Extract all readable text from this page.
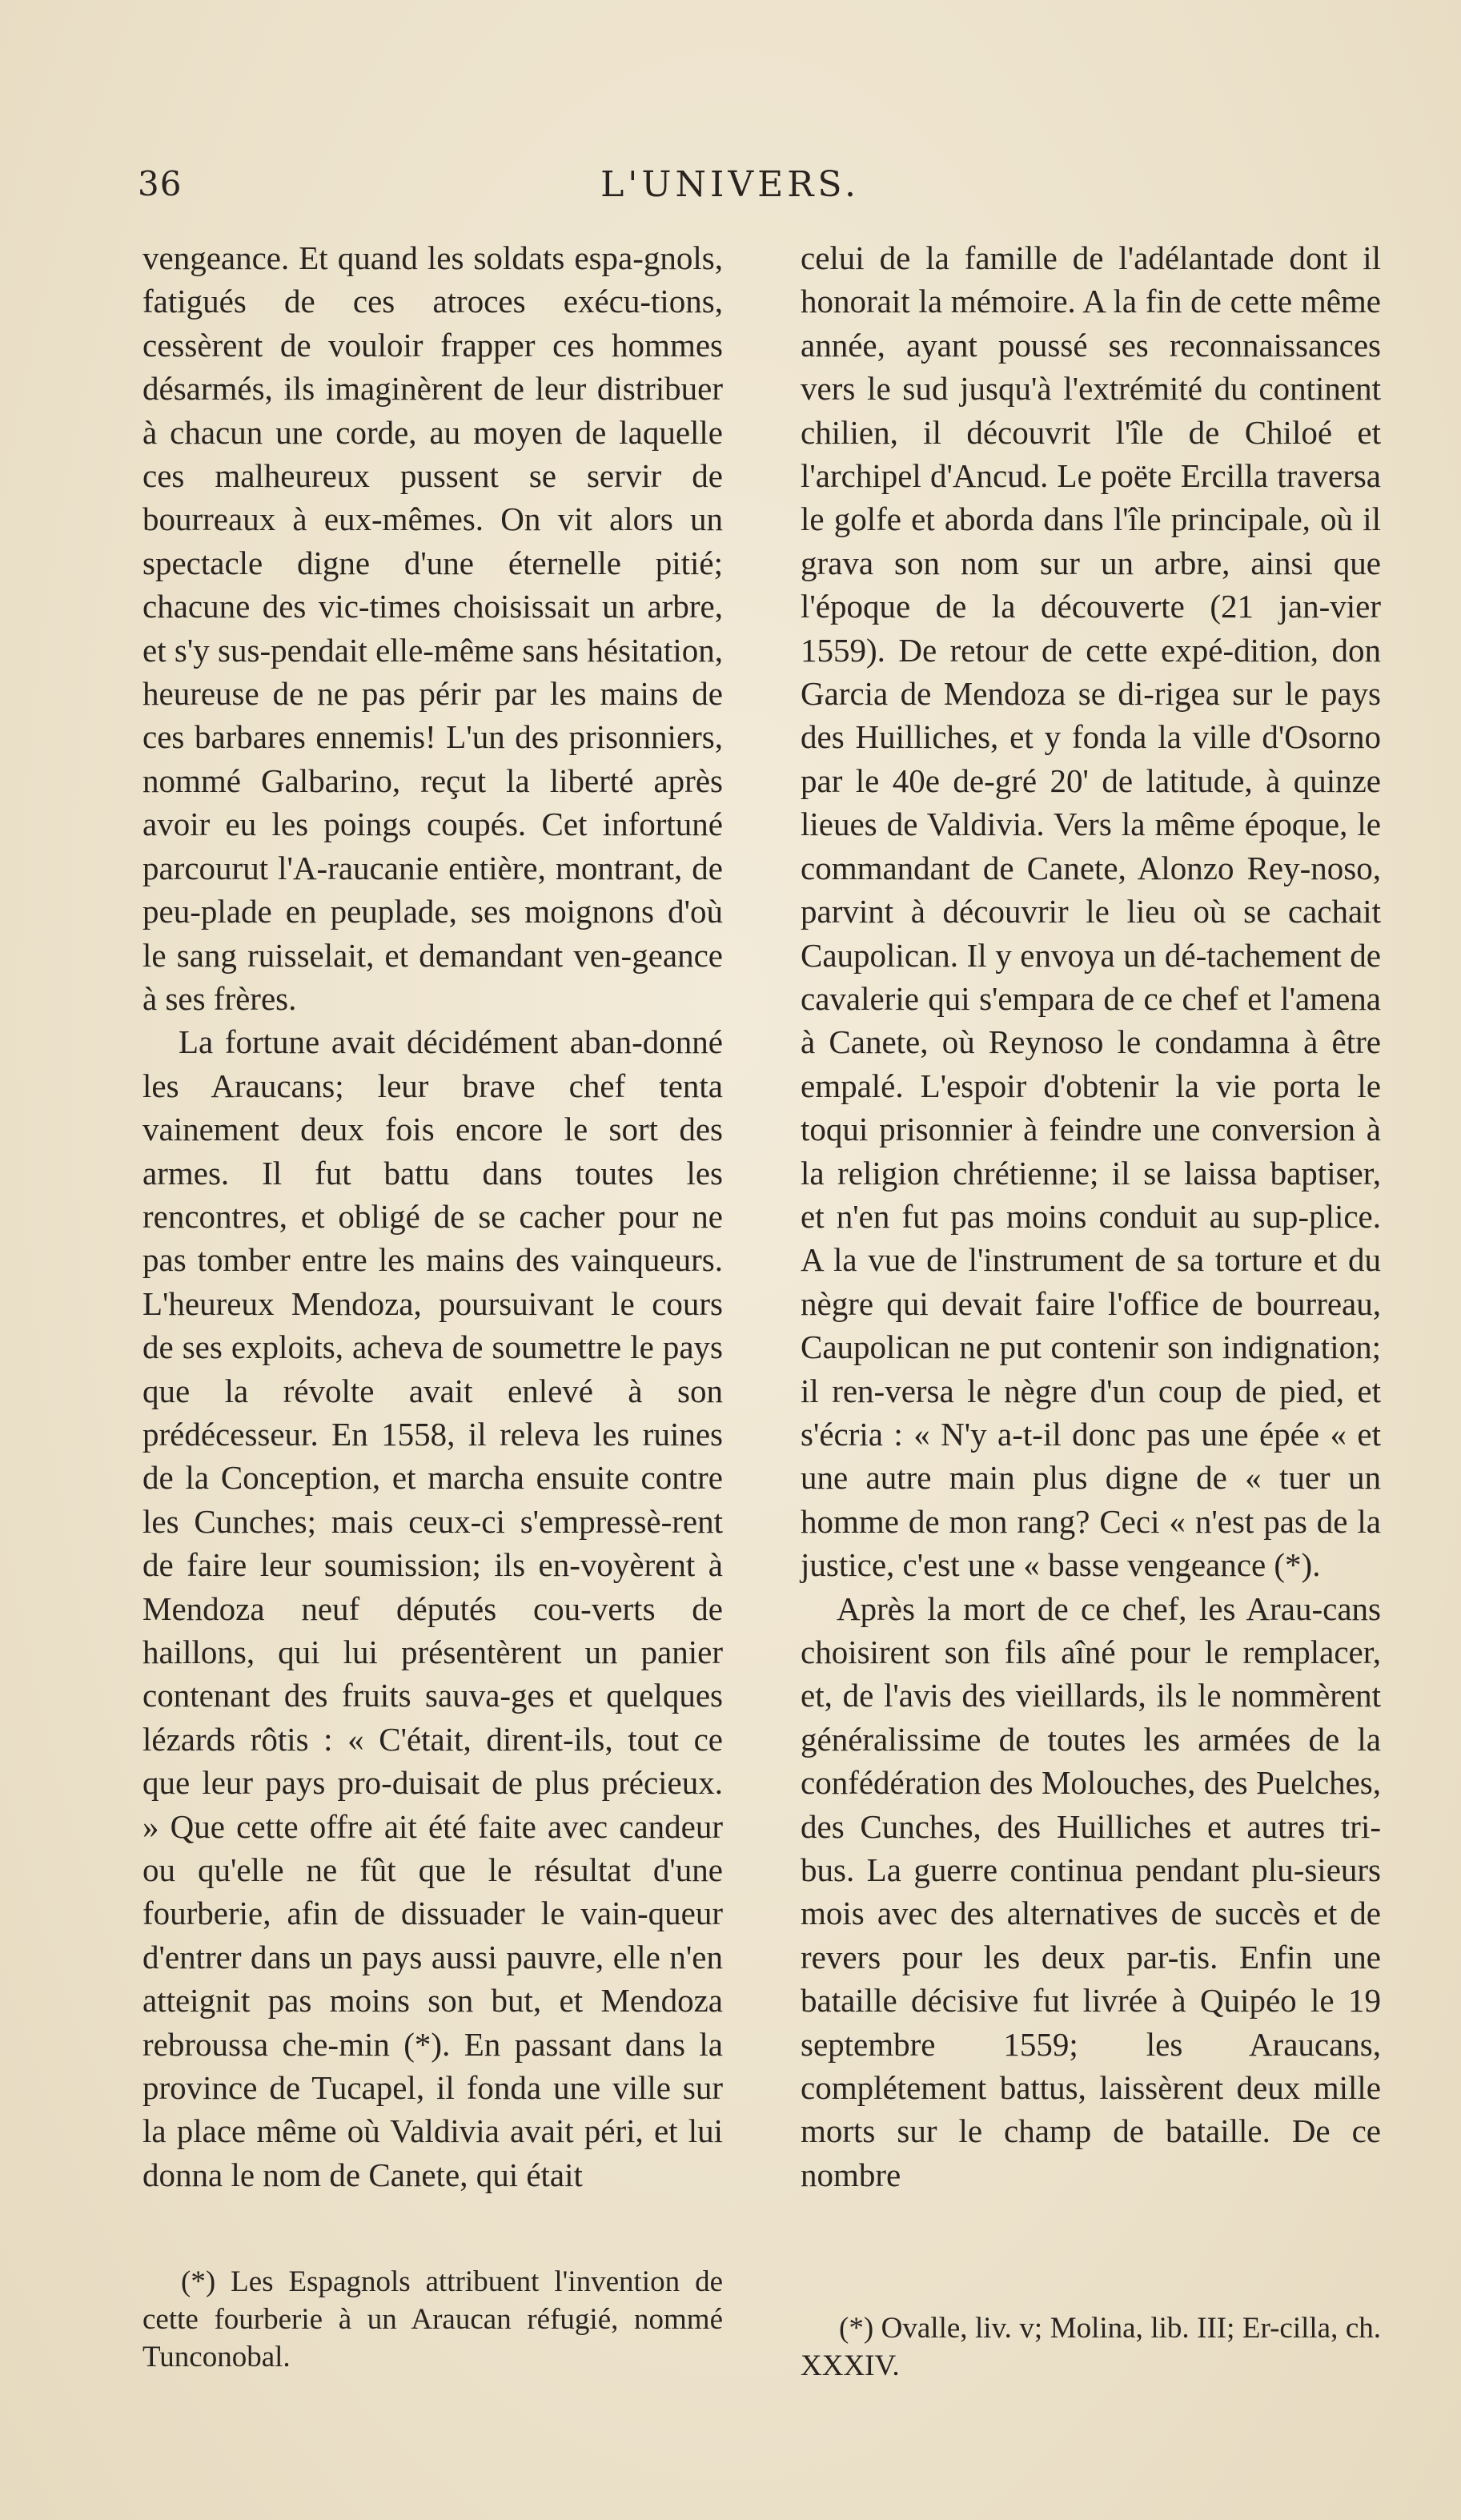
36	L'UNIVERS.

vengeance. Et quand les soldats espa-gnols, fatigués de ces atroces exécu-tions, cessèrent de vouloir frapper ces hommes désarmés, ils imaginèrent de leur distribuer à chacun une corde, au moyen de laquelle ces malheureux pussent se servir de bourreaux à eux-mêmes. On vit alors un spectacle digne d'une éternelle pitié; chacune des vic-times choisissait un arbre, et s'y sus-pendait elle-même sans hésitation, heureuse de ne pas périr par les mains de ces barbares ennemis! L'un des prisonniers, nommé Galbarino, reçut la liberté après avoir eu les poings coupés. Cet infortuné parcourut l'A-raucanie entière, montrant, de peu-plade en peuplade, ses moignons d'où le sang ruisselait, et demandant ven-geance à ses frères.

La fortune avait décidément aban-donné les Araucans; leur brave chef tenta vainement deux fois encore le sort des armes. Il fut battu dans toutes les rencontres, et obligé de se cacher pour ne pas tomber entre les mains des vainqueurs. L'heureux Mendoza, poursuivant le cours de ses exploits, acheva de soumettre le pays que la révolte avait enlevé à son prédécesseur. En 1558, il releva les ruines de la Conception, et marcha ensuite contre les Cunches; mais ceux-ci s'empressè-rent de faire leur soumission; ils en-voyèrent à Mendoza neuf députés cou-verts de haillons, qui lui présentèrent un panier contenant des fruits sauva-ges et quelques lézards rôtis : « C'était, dirent-ils, tout ce que leur pays pro-duisait de plus précieux. » Que cette offre ait été faite avec candeur ou qu'elle ne fût que le résultat d'une fourberie, afin de dissuader le vain-queur d'entrer dans un pays aussi pauvre, elle n'en atteignit pas moins son but, et Mendoza rebroussa che-min (*). En passant dans la province de Tucapel, il fonda une ville sur la place même où Valdivia avait péri, et lui donna le nom de Canete, qui était

celui de la famille de l'adélantade dont il honorait la mémoire. A la fin de cette même année, ayant poussé ses reconnaissances vers le sud jusqu'à l'extrémité du continent chilien, il découvrit l'île de Chiloé et l'archipel d'Ancud. Le poëte Ercilla traversa le golfe et aborda dans l'île principale, où il grava son nom sur un arbre, ainsi que l'époque de la découverte (21 jan-vier 1559). De retour de cette expé-dition, don Garcia de Mendoza se di-rigea sur le pays des Huilliches, et y fonda la ville d'Osorno par le 40e de-gré 20' de latitude, à quinze lieues de Valdivia. Vers la même époque, le commandant de Canete, Alonzo Rey-noso, parvint à découvrir le lieu où se cachait Caupolican. Il y envoya un dé-tachement de cavalerie qui s'empara de ce chef et l'amena à Canete, où Reynoso le condamna à être empalé. L'espoir d'obtenir la vie porta le toqui prisonnier à feindre une conversion à la religion chrétienne; il se laissa baptiser, et n'en fut pas moins conduit au sup-plice. A la vue de l'instrument de sa torture et du nègre qui devait faire l'office de bourreau, Caupolican ne put contenir son indignation; il ren-versa le nègre d'un coup de pied, et s'écria : « N'y a-t-il donc pas une épée « et une autre main plus digne de « tuer un homme de mon rang? Ceci « n'est pas de la justice, c'est une « basse vengeance (*).

Après la mort de ce chef, les Arau-cans choisirent son fils aîné pour le remplacer, et, de l'avis des vieillards, ils le nommèrent généralissime de toutes les armées de la confédération des Molouches, des Puelches, des Cunches, des Huilliches et autres tri-bus. La guerre continua pendant plu-sieurs mois avec des alternatives de succès et de revers pour les deux par-tis. Enfin une bataille décisive fut livrée à Quipéo le 19 septembre 1559; les Araucans, complétement battus, laissèrent deux mille morts sur le champ de bataille. De ce nombre

(*) Les Espagnols attribuent l'invention de cette fourberie à un Araucan réfugié, nommé Tunconobal.

(*) Ovalle, liv. v; Molina, lib. III; Er-cilla, ch. XXXIV.
